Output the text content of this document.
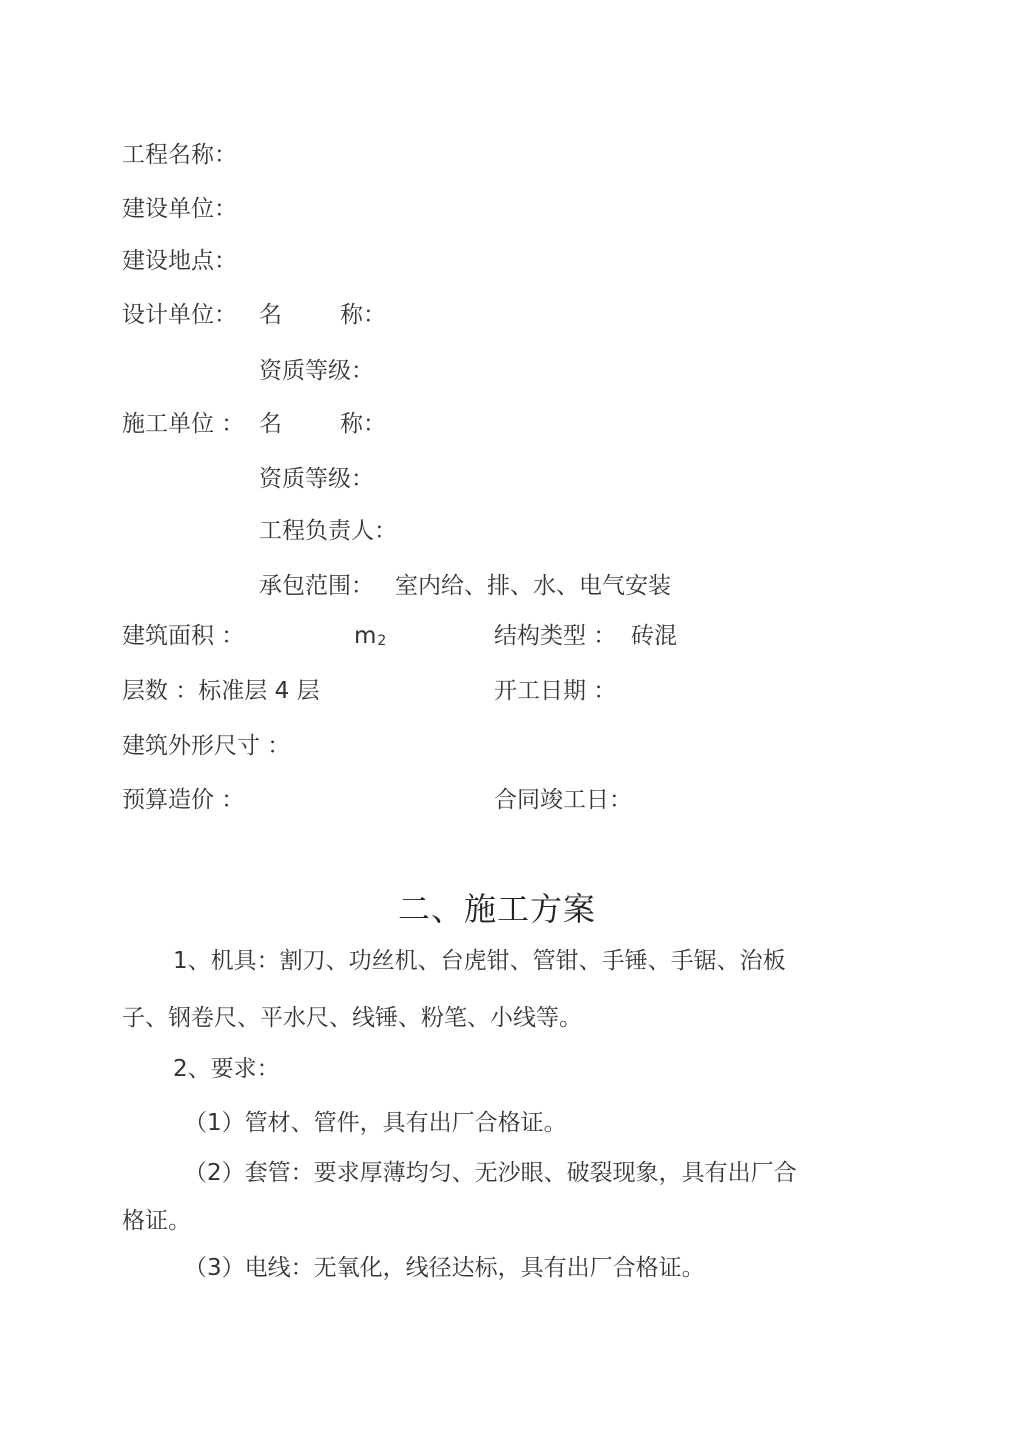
工程名称：
建设单位：
建设地点：
设计单位： 名	称：
资质等级：
施工单位 ： 名	称：
资质等级：
工程负责人：
承包范围： 室内给、排、水、电气安装
建筑面积 ：	$m_2$	结构类型 ： 砖混
层数 ：标准层 4 层	开工日期 ：
建筑外形尺寸 ：
预算造价 ：	合同竣工日：
二、施工方案
1、机具：割刀、功丝机、台虎钳、管钳、手锤、手锯、治板
子、钢卷尺、平水尺、线锤、粉笔、小线等。
2、要求：
（1）管材、管件，具有出厂合格证。
（2）套管：要求厚薄均匀、无沙眼、破裂现象，具有出厂合
格证。
（3）电线：无氧化，线径达标，具有出厂合格证。
